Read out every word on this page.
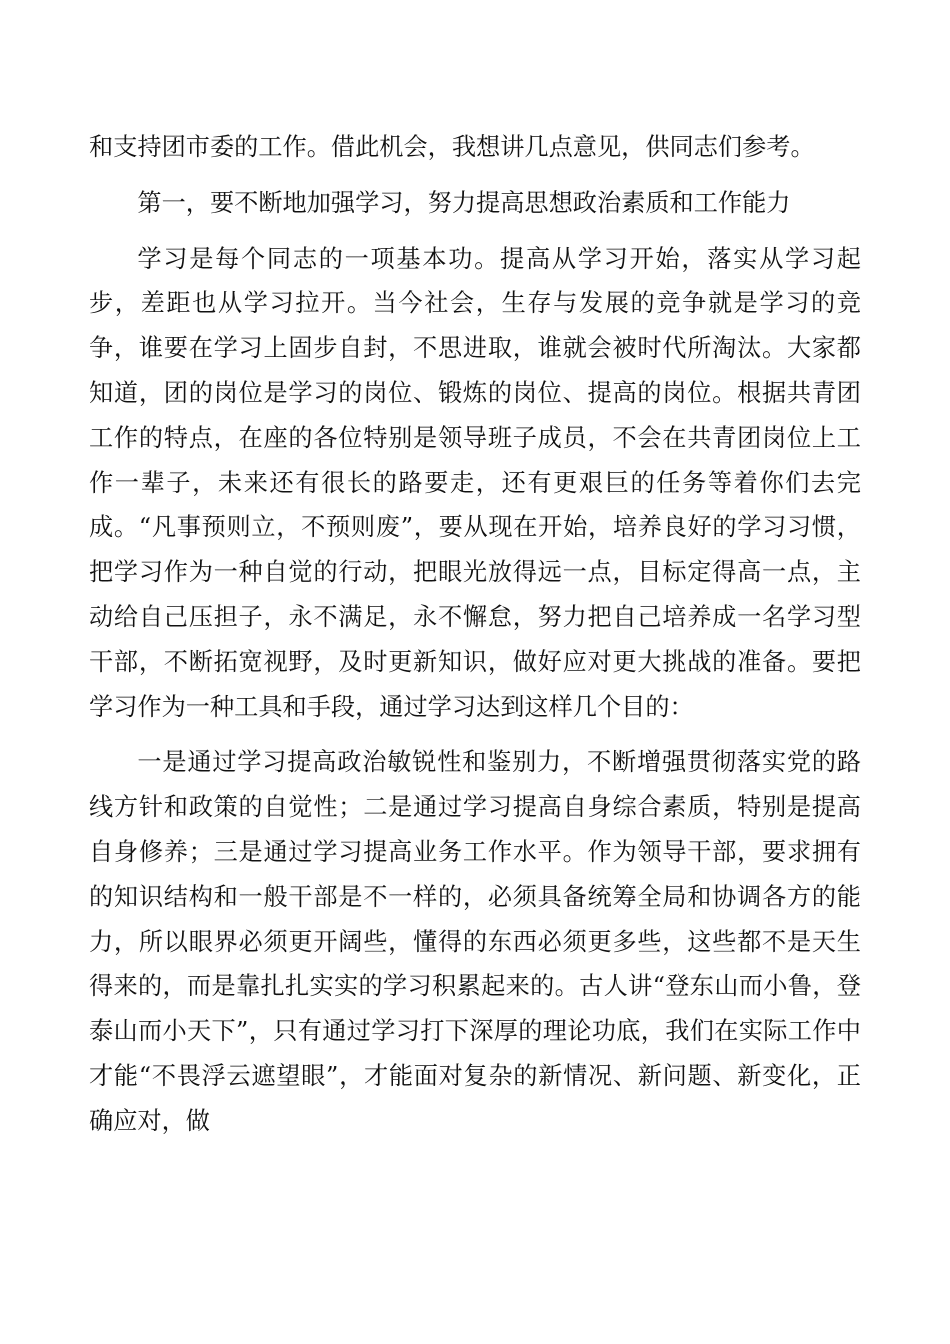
和支持团市委的工作。借此机会，我想讲几点意见，供同志们参考。

第一，要不断地加强学习，努力提高思想政治素质和工作能力

学习是每个同志的一项基本功。提高从学习开始，落实从学习起步，差距也从学习拉开。当今社会，生存与发展的竞争就是学习的竞争，谁要在学习上固步自封，不思进取，谁就会被时代所淘汰。大家都知道，团的岗位是学习的岗位、锻炼的岗位、提高的岗位。根据共青团工作的特点，在座的各位特别是领导班子成员，不会在共青团岗位上工作一辈子，未来还有很长的路要走，还有更艰巨的任务等着你们去完成。“凡事预则立，不预则废”，要从现在开始，培养良好的学习习惯，把学习作为一种自觉的行动，把眼光放得远一点，目标定得高一点，主动给自己压担子，永不满足，永不懈怠，努力把自己培养成一名学习型干部，不断拓宽视野，及时更新知识，做好应对更大挑战的准备。要把学习作为一种工具和手段，通过学习达到这样几个目的：

一是通过学习提高政治敏锐性和鉴别力，不断增强贯彻落实党的路线方针和政策的自觉性；二是通过学习提高自身综合素质，特别是提高自身修养；三是通过学习提高业务工作水平。作为领导干部，要求拥有的知识结构和一般干部是不一样的，必须具备统筹全局和协调各方的能力，所以眼界必须更开阔些，懂得的东西必须更多些，这些都不是天生得来的，而是靠扎扎实实的学习积累起来的。古人讲“登东山而小鲁，登泰山而小天下”，只有通过学习打下深厚的理论功底，我们在实际工作中才能“不畏浮云遮望眼”，才能面对复杂的新情况、新问题、新变化，正确应对，做
